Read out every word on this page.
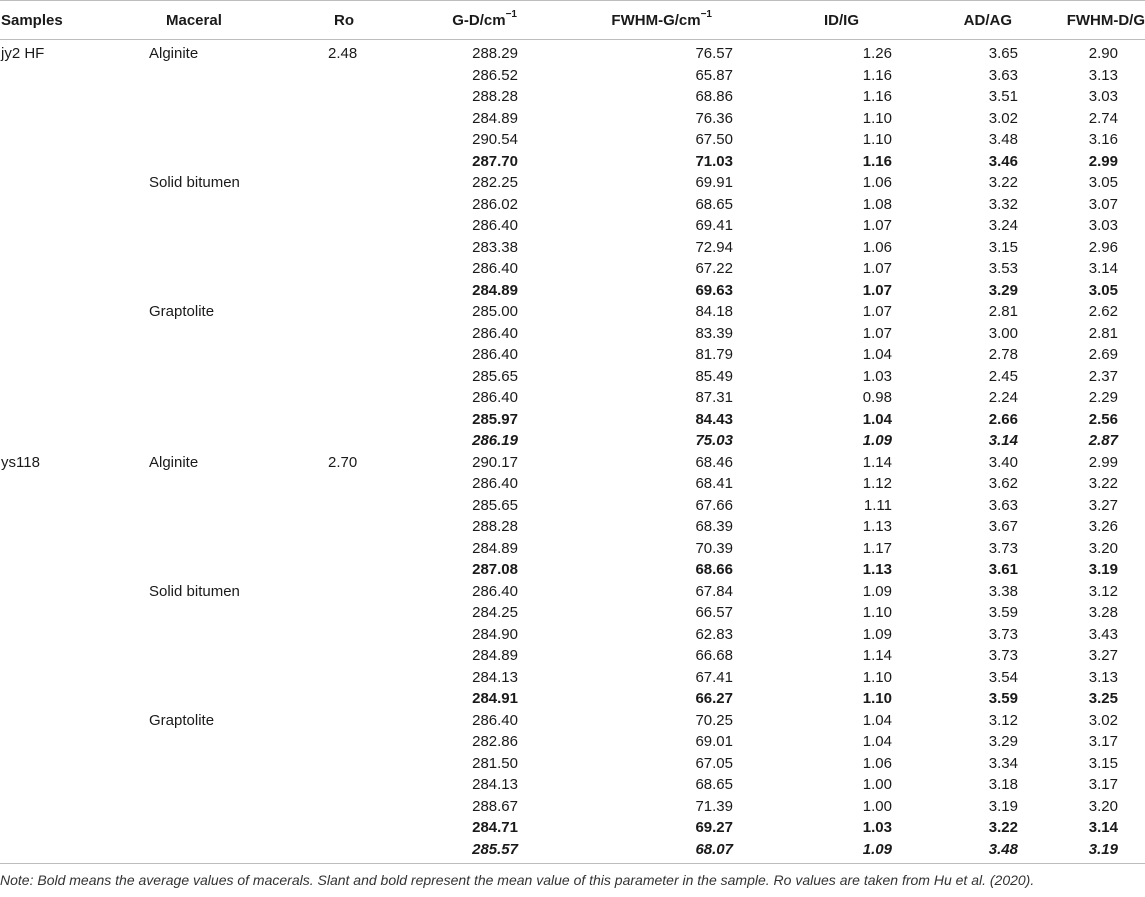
Samples	Maceral	Ro	$G-D/cm^{-1}$	FWHM-$G/cm^{-1}$	ID/IG	AD/AG	FWHM-D/G
jy2 HF	Alginite	2.48	288.29	76.57	1.26	3.65	2.90
			286.52	65.87	1.16	3.63	3.13
			288.28	68.86	1.16	3.51	3.03
			284.89	76.36	1.10	3.02	2.74
			290.54	67.50	1.10	3.48	3.16
			287.70	71.03	1.16	3.46	2.99
	Solid bitumen		282.25	69.91	1.06	3.22	3.05
			286.02	68.65	1.08	3.32	3.07
			286.40	69.41	1.07	3.24	3.03
			283.38	72.94	1.06	3.15	2.96
			286.40	67.22	1.07	3.53	3.14
			284.89	69.63	1.07	3.29	3.05
	Graptolite		285.00	84.18	1.07	2.81	2.62
			286.40	83.39	1.07	3.00	2.81
			286.40	81.79	1.04	2.78	2.69
			285.65	85.49	1.03	2.45	2.37
			286.40	87.31	0.98	2.24	2.29
			285.97	84.43	1.04	2.66	2.56
			286.19	75.03	1.09	3.14	2.87
ys118	Alginite	2.70	290.17	68.46	1.14	3.40	2.99
			286.40	68.41	1.12	3.62	3.22
			285.65	67.66	1.11	3.63	3.27
			288.28	68.39	1.13	3.67	3.26
			284.89	70.39	1.17	3.73	3.20
			287.08	68.66	1.13	3.61	3.19
	Solid bitumen		286.40	67.84	1.09	3.38	3.12
			284.25	66.57	1.10	3.59	3.28
			284.90	62.83	1.09	3.73	3.43
			284.89	66.68	1.14	3.73	3.27
			284.13	67.41	1.10	3.54	3.13
			284.91	66.27	1.10	3.59	3.25
	Graptolite		286.40	70.25	1.04	3.12	3.02
			282.86	69.01	1.04	3.29	3.17
			281.50	67.05	1.06	3.34	3.15
			284.13	68.65	1.00	3.18	3.17
			288.67	71.39	1.00	3.19	3.20
			284.71	69.27	1.03	3.22	3.14
			285.57	68.07	1.09	3.48	3.19
Note: Bold means the average values of macerals. Slant and bold represent the mean value of this parameter in the sample. Ro values are taken from Hu et al. (2020).
